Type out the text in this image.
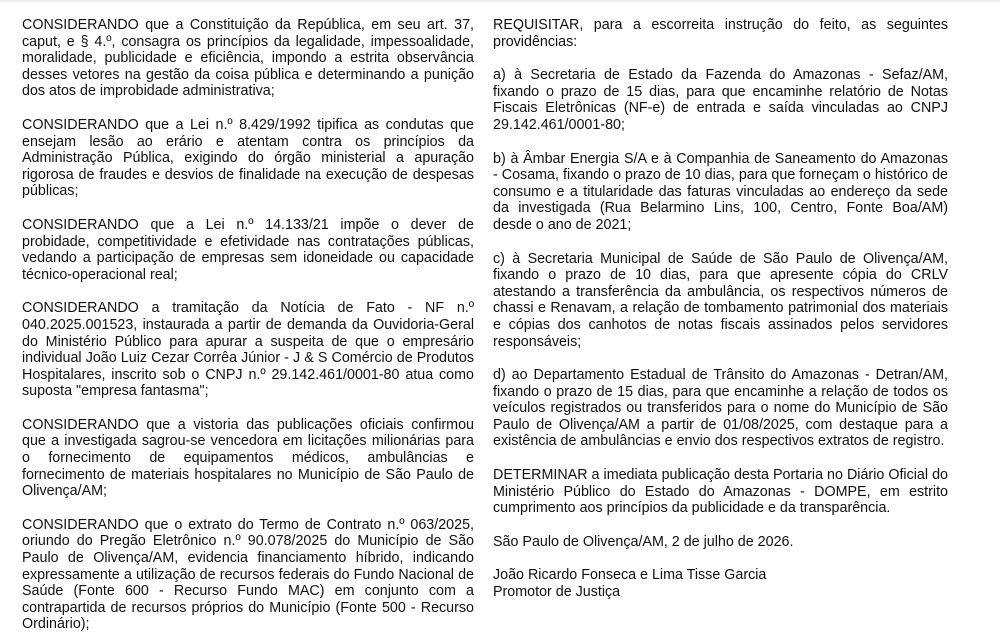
CONSIDERANDO que a Constituição da República, em seu art. 37, caput, e § 4.º, consagra os princípios da legalidade, impessoalidade, moralidade, publicidade e eficiência, impondo a estrita observância desses vetores na gestão da coisa pública e determinando a punição dos atos de improbidade administrativa;

CONSIDERANDO que a Lei n.º 8.429/1992 tipifica as condutas que ensejam lesão ao erário e atentam contra os princípios da Administração Pública, exigindo do órgão ministerial a apuração rigorosa de fraudes e desvios de finalidade na execução de despesas públicas;

CONSIDERANDO que a Lei n.º 14.133/21 impõe o dever de probidade, competitividade e efetividade nas contratações públicas, vedando a participação de empresas sem idoneidade ou capacidade técnico-operacional real;

CONSIDERANDO a tramitação da Notícia de Fato - NF n.º 040.2025.001523, instaurada a partir de demanda da Ouvidoria-Geral do Ministério Público para apurar a suspeita de que o empresário individual João Luiz Cezar Corrêa Júnior - J & S Comércio de Produtos Hospitalares, inscrito sob o CNPJ n.º 29.142.461/0001-80 atua como suposta "empresa fantasma";

CONSIDERANDO que a vistoria das publicações oficiais confirmou que a investigada sagrou-se vencedora em licitações milionárias para o fornecimento de equipamentos médicos, ambulâncias e fornecimento de materiais hospitalares no Município de São Paulo de Olivença/AM;

CONSIDERANDO que o extrato do Termo de Contrato n.º 063/2025, oriundo do Pregão Eletrônico n.º 90.078/2025 do Município de São Paulo de Olivença/AM, evidencia financiamento híbrido, indicando expressamente a utilização de recursos federais do Fundo Nacional de Saúde (Fonte 600 - Recurso Fundo MAC) em conjunto com a contrapartida de recursos próprios do Município (Fonte 500 - Recurso Ordinário);

REQUISITAR, para a escorreita instrução do feito, as seguintes providências:

a) à Secretaria de Estado da Fazenda do Amazonas - Sefaz/AM, fixando o prazo de 15 dias, para que encaminhe relatório de Notas Fiscais Eletrônicas (NF-e) de entrada e saída vinculadas ao CNPJ 29.142.461/0001-80;

b) à Âmbar Energia S/A e à Companhia de Saneamento do Amazonas - Cosama, fixando o prazo de 10 dias, para que forneçam o histórico de consumo e a titularidade das faturas vinculadas ao endereço da sede da investigada (Rua Belarmino Lins, 100, Centro, Fonte Boa/AM) desde o ano de 2021;

c) à Secretaria Municipal de Saúde de São Paulo de Olivença/AM, fixando o prazo de 10 dias, para que apresente cópia do CRLV atestando a transferência da ambulância, os respectivos números de chassi e Renavam, a relação de tombamento patrimonial dos materiais e cópias dos canhotos de notas fiscais assinados pelos servidores responsáveis;

d) ao Departamento Estadual de Trânsito do Amazonas - Detran/AM, fixando o prazo de 15 dias, para que encaminhe a relação de todos os veículos registrados ou transferidos para o nome do Município de São Paulo de Olivença/AM a partir de 01/08/2025, com destaque para a existência de ambulâncias e envio dos respectivos extratos de registro.

DETERMINAR a imediata publicação desta Portaria no Diário Oficial do Ministério Público do Estado do Amazonas - DOMPE, em estrito cumprimento aos princípios da publicidade e da transparência.

São Paulo de Olivença/AM, 2 de julho de 2026.

João Ricardo Fonseca e Lima Tisse Garcia

Promotor de Justiça
